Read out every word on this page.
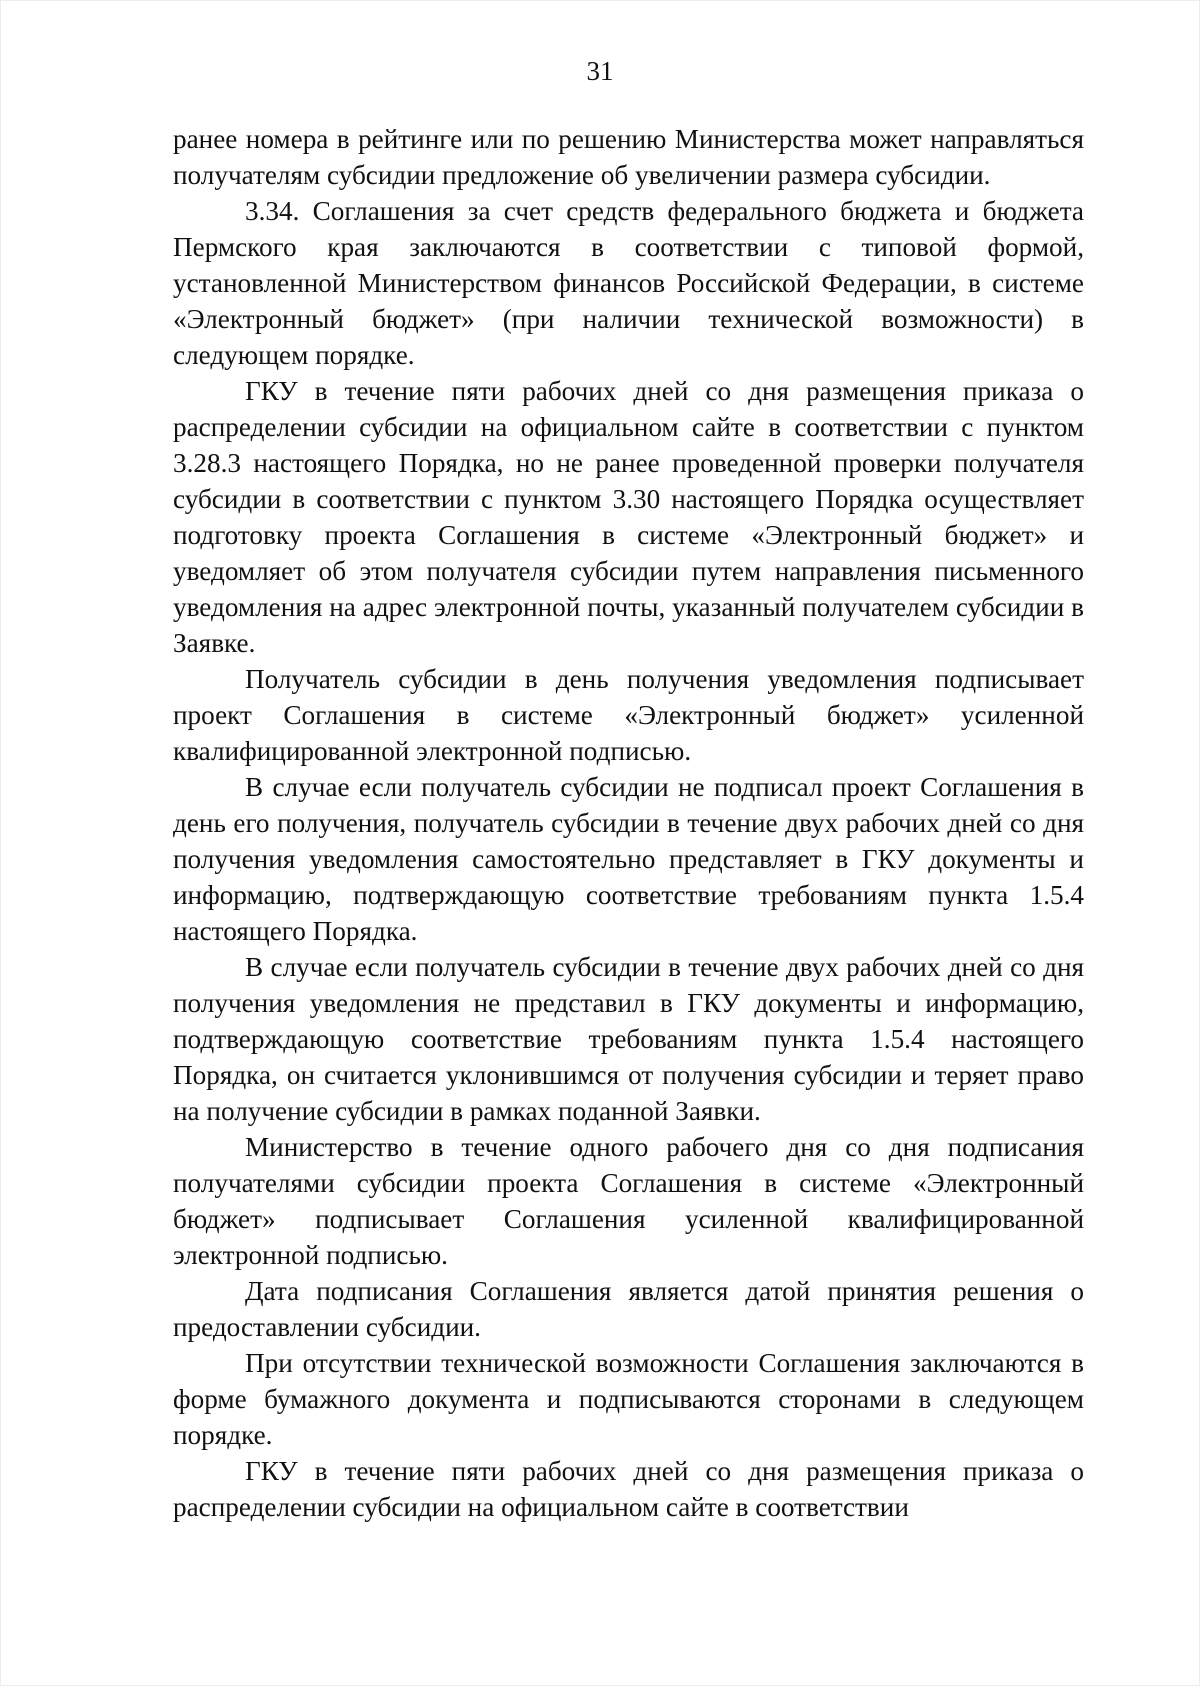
31

ранее номера в рейтинге или по решению Министерства может направляться получателям субсидии предложение об увеличении размера субсидии.

3.34. Соглашения за счет средств федерального бюджета и бюджета Пермского края заключаются в соответствии с типовой формой, установленной Министерством финансов Российской Федерации, в системе «Электронный бюджет» (при наличии технической возможности) в следующем порядке.

ГКУ в течение пяти рабочих дней со дня размещения приказа о распределении субсидии на официальном сайте в соответствии с пунктом 3.28.3 настоящего Порядка, но не ранее проведенной проверки получателя субсидии в соответствии с пунктом 3.30 настоящего Порядка осуществляет подготовку проекта Соглашения в системе «Электронный бюджет» и уведомляет об этом получателя субсидии путем направления письменного уведомления на адрес электронной почты, указанный получателем субсидии в Заявке.

Получатель субсидии в день получения уведомления подписывает проект Соглашения в системе «Электронный бюджет» усиленной квалифицированной электронной подписью.

В случае если получатель субсидии не подписал проект Соглашения в день его получения, получатель субсидии в течение двух рабочих дней со дня получения уведомления самостоятельно представляет в ГКУ документы и информацию, подтверждающую соответствие требованиям пункта 1.5.4 настоящего Порядка.

В случае если получатель субсидии в течение двух рабочих дней со дня получения уведомления не представил в ГКУ документы и информацию, подтверждающую соответствие требованиям пункта 1.5.4 настоящего Порядка, он считается уклонившимся от получения субсидии и теряет право на получение субсидии в рамках поданной Заявки.

Министерство в течение одного рабочего дня со дня подписания получателями субсидии проекта Соглашения в системе «Электронный бюджет» подписывает Соглашения усиленной квалифицированной электронной подписью.

Дата подписания Соглашения является датой принятия решения о предоставлении субсидии.

При отсутствии технической возможности Соглашения заключаются в форме бумажного документа и подписываются сторонами в следующем порядке.

ГКУ в течение пяти рабочих дней со дня размещения приказа о распределении субсидии на официальном сайте в соответствии
